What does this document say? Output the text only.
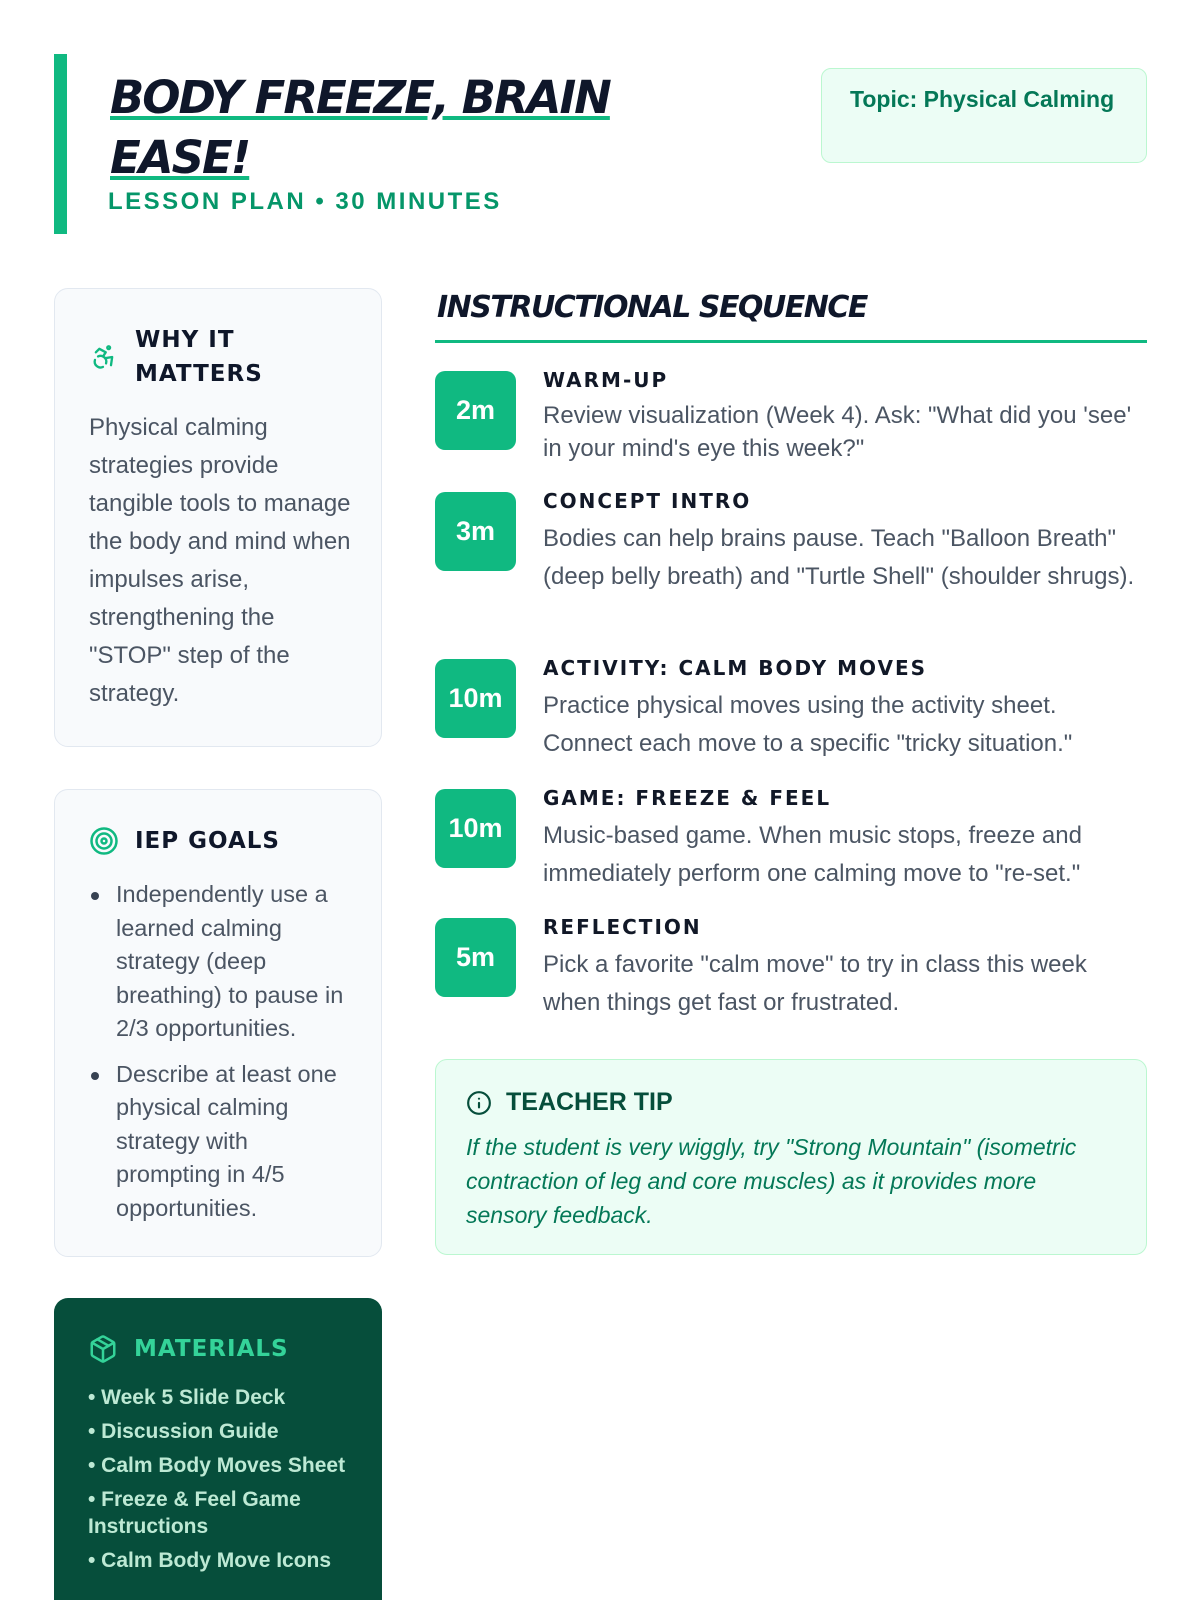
BODY FREEZE, BRAIN EASE!
LESSON PLAN • 30 MINUTES
Topic: Physical Calming
WHY IT MATTERS

Physical calming strategies provide tangible tools to manage the body and mind when impulses arise, strengthening the "STOP" step of the strategy.

IEP GOALS
Independently use a learned calming strategy (deep breathing) to pause in 2/3 opportunities.
Describe at least one physical calming strategy with prompting in 4/5 opportunities.
MATERIALS
• Week 5 Slide Deck
• Discussion Guide
• Calm Body Moves Sheet
• Freeze & Feel Game Instructions
• Calm Body Move Icons
INSTRUCTIONAL SEQUENCE
2m
WARM-UP
Review visualization (Week 4). Ask: "What did you 'see' in your mind's eye this week?"
3m
CONCEPT INTRO
Bodies can help brains pause. Teach "Balloon Breath" (deep belly breath) and "Turtle Shell" (shoulder shrugs).
10m
ACTIVITY: CALM BODY MOVES
Practice physical moves using the activity sheet. Connect each move to a specific "tricky situation."
10m
GAME: FREEZE & FEEL
Music-based game. When music stops, freeze and immediately perform one calming move to "re-set."
5m
REFLECTION
Pick a favorite "calm move" to try in class this week when things get fast or frustrated.
TEACHER TIP

If the student is very wiggly, try "Strong Mountain" (isometric contraction of leg and core muscles) as it provides more sensory feedback.
